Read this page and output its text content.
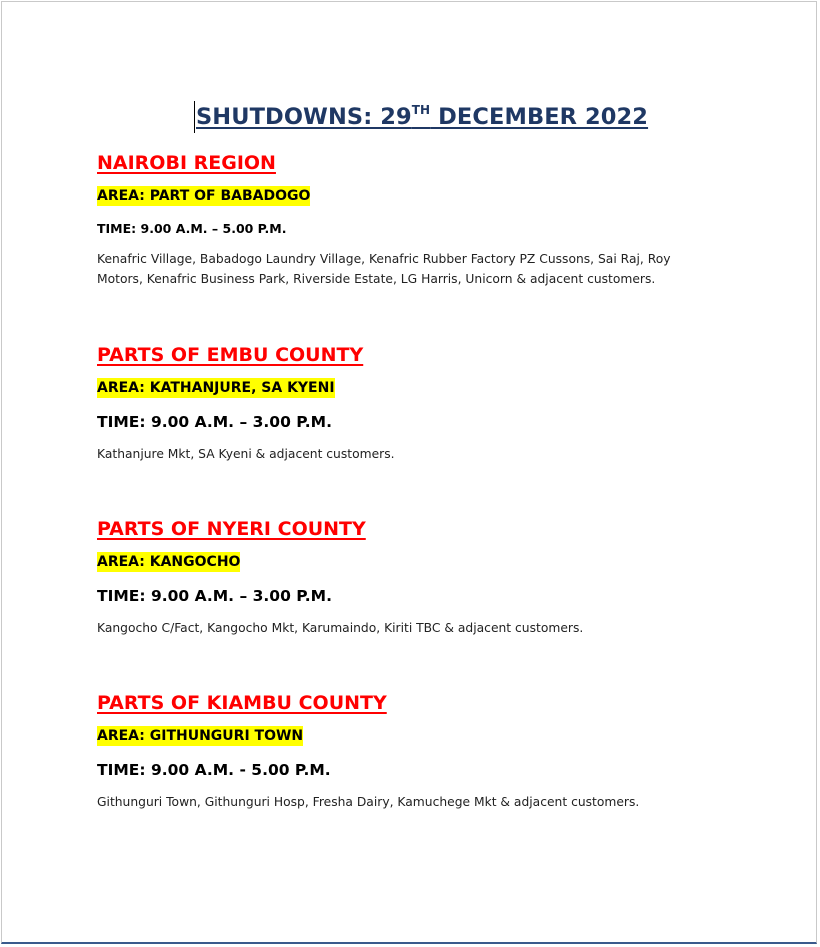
SHUTDOWNS: 29TH DECEMBER 2022
NAIROBI REGION
AREA: PART OF BABADOGO
TIME: 9.00 A.M. – 5.00 P.M.
Kenafric Village, Babadogo Laundry Village, Kenafric Rubber Factory PZ Cussons, Sai Raj, Roy Motors, Kenafric Business Park, Riverside Estate, LG Harris, Unicorn & adjacent customers.
PARTS OF EMBU COUNTY
AREA: KATHANJURE, SA KYENI
TIME: 9.00 A.M. – 3.00 P.M.
Kathanjure Mkt, SA Kyeni & adjacent customers.
PARTS OF NYERI COUNTY
AREA: KANGOCHO
TIME: 9.00 A.M. – 3.00 P.M.
Kangocho C/Fact, Kangocho Mkt, Karumaindo, Kiriti TBC & adjacent customers.
PARTS OF KIAMBU COUNTY
AREA: GITHUNGURI TOWN
TIME: 9.00 A.M. - 5.00 P.M.
Githunguri Town, Githunguri Hosp, Fresha Dairy, Kamuchege Mkt & adjacent customers.
